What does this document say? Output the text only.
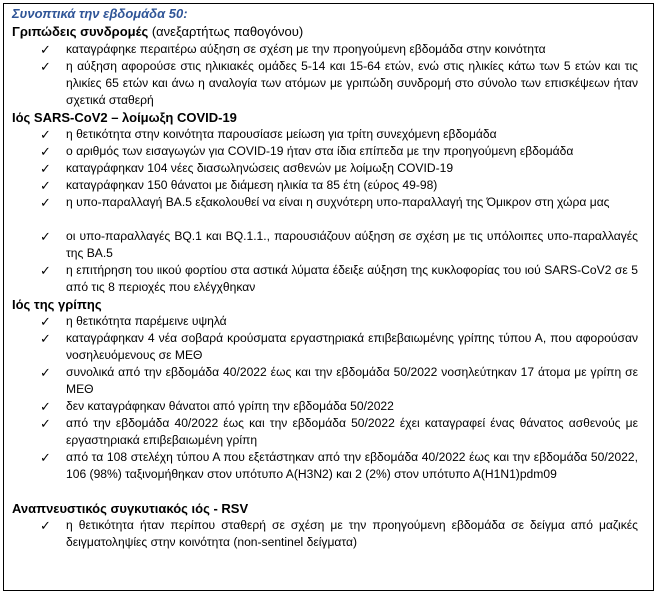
Συνοπτικά την εβδομάδα 50:
Γριπώδεις συνδρομές (ανεξαρτήτως παθογόνου)
✓ καταγράφηκε περαιτέρω αύξηση σε σχέση με την προηγούμενη εβδομάδα στην κοινότητα
✓ η αύξηση αφορούσε στις ηλικιακές ομάδες 5-14 και 15-64 ετών, ενώ στις ηλικίες κάτω των 5 ετών και τις ηλικίες 65 ετών και άνω η αναλογία των ατόμων με γριπώδη συνδρομή στο σύνολο των επισκέψεων ήταν σχετικά σταθερή
Ιός SARS-CoV2 – λοίμωξη COVID-19
✓ η θετικότητα στην κοινότητα παρουσίασε μείωση για τρίτη συνεχόμενη εβδομάδα
✓ ο αριθμός των εισαγωγών για COVID-19 ήταν στα ίδια επίπεδα με την προηγούμενη εβδομάδα
✓ καταγράφηκαν 104 νέες διασωληνώσεις ασθενών με λοίμωξη COVID-19
✓ καταγράφηκαν 150 θάνατοι με διάμεση ηλικία τα 85 έτη (εύρος 49-98)
✓ η υπο-παραλλαγή BA.5 εξακολουθεί να είναι η συχνότερη υπο-παραλλαγή της Όμικρον στη χώρα μας
✓ οι υπο-παραλλαγές BQ.1 και BQ.1.1., παρουσιάζουν αύξηση σε σχέση με τις υπόλοιπες υπο-παραλλαγές της BA.5
✓ η επιτήρηση του ιικού φορτίου στα αστικά λύματα έδειξε αύξηση της κυκλοφορίας του ιού SARS-CoV2 σε 5 από τις 8 περιοχές που ελέγχθηκαν
Ιός της γρίπης
✓ η θετικότητα παρέμεινε υψηλά
✓ καταγράφηκαν 4 νέα σοβαρά κρούσματα εργαστηριακά επιβεβαιωμένης γρίπης τύπου Α, που αφορούσαν νοσηλευόμενους σε ΜΕΘ
✓ συνολικά από την εβδομάδα 40/2022 έως και την εβδομάδα 50/2022 νοσηλεύτηκαν 17 άτομα με γρίπη σε ΜΕΘ
✓ δεν καταγράφηκαν θάνατοι από γρίπη την εβδομάδα 50/2022
✓ από την εβδομάδα 40/2022 έως και την εβδομάδα 50/2022 έχει καταγραφεί ένας θάνατος ασθενούς με εργαστηριακά επιβεβαιωμένη γρίπη
✓ από τα 108 στελέχη τύπου Α που εξετάστηκαν από την εβδομάδα 40/2022 έως και την εβδομάδα 50/2022, 106 (98%) ταξινομήθηκαν στον υπότυπο Α(H3N2) και 2 (2%) στον υπότυπο Α(H1N1)pdm09
Αναπνευστικός συγκυτιακός ιός - RSV
✓ η θετικότητα ήταν περίπου σταθερή σε σχέση με την προηγούμενη εβδομάδα σε δείγμα από μαζικές δειγματοληψίες στην κοινότητα (non-sentinel δείγματα)
